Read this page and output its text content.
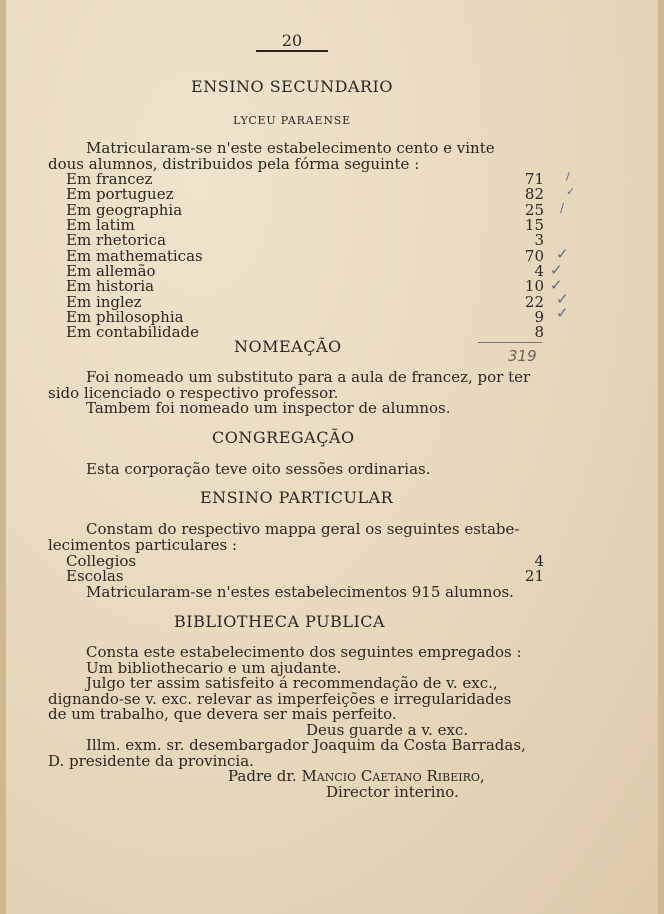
20
ENSINO SECUNDARIO
LYCEU PARAENSE
Matricularam-se n'este estabelecimento cento e vinte
dous alumnos, distribuidos pela fórma seguinte :
Em francez	71
Em portuguez	82
Em geographia	25
Em latim	15
Em rhetorica	3
Em mathematicas	70
Em allemão	4
Em historia	10
Em inglez	22
Em philosophia	9
Em contabilidade	8
/
✓
/
✓
✓
✓
✓
✓
319
NOMEAÇÃO
Foi nomeado um substituto para a aula de francez, por ter
sido licenciado o respectivo professor.
Tambem foi nomeado um inspector de alumnos.
CONGREGAÇÃO
Esta corporação teve oito sessões ordinarias.
ENSINO PARTICULAR
Constam do respectivo mappa geral os seguintes estabe-
lecimentos particulares :
Collegios	4
Escolas	21
Matricularam-se n'estes estabelecimentos 915 alumnos.
BIBLIOTHECA PUBLICA
Consta este estabelecimento dos seguintes empregados :
Um bibliothecario e um ajudante.
Julgo ter assim satisfeito á recommendação de v. exc.,
dignando-se v. exc. relevar as imperfeições e irregularidades
de um trabalho, que devera ser mais perfeito.
Deus guarde a v. exc.
Illm. exm. sr. desembargador Joaquim da Costa Barradas,
D. presidente da provincia.
Padre dr. Mancio Caetano Ribeiro,
Director interino.
